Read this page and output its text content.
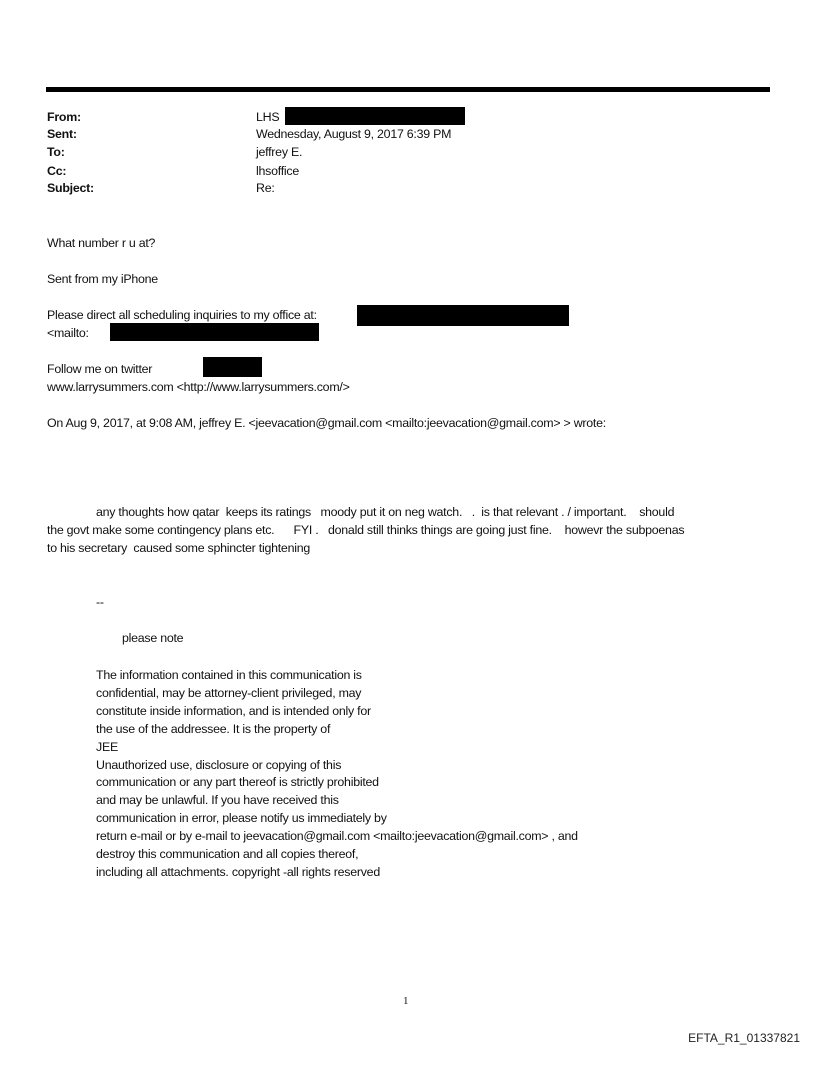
From:	LHS
Sent:	Wednesday, August 9, 2017 6:39 PM
To:	jeffrey E.
Cc:	lhsoffice
Subject:	Re:
What number r u at?
Sent from my iPhone
Please direct all scheduling inquiries to my office at:
<mailto:
Follow me on twitter
www.larrysummers.com <http://www.larrysummers.com/>
On Aug 9, 2017, at 9:08 AM, jeffrey E. <jeevacation@gmail.com <mailto:jeevacation@gmail.com> > wrote:
any thoughts how qatar  keeps its ratings   moody put it on neg watch.   .  is that relevant . / important.    should
the govt make some contingency plans etc.      FYI .   donald still thinks things are going just fine.    howevr the subpoenas
to his secretary  caused some sphincter tightening
--
please note
The information contained in this communication is
confidential, may be attorney-client privileged, may
constitute inside information, and is intended only for
the use of the addressee. It is the property of
JEE
Unauthorized use, disclosure or copying of this
communication or any part thereof is strictly prohibited
and may be unlawful. If you have received this
communication in error, please notify us immediately by
return e-mail or by e-mail to jeevacation@gmail.com <mailto:jeevacation@gmail.com> , and
destroy this communication and all copies thereof,
including all attachments. copyright -all rights reserved
1
EFTA_R1_01337821
